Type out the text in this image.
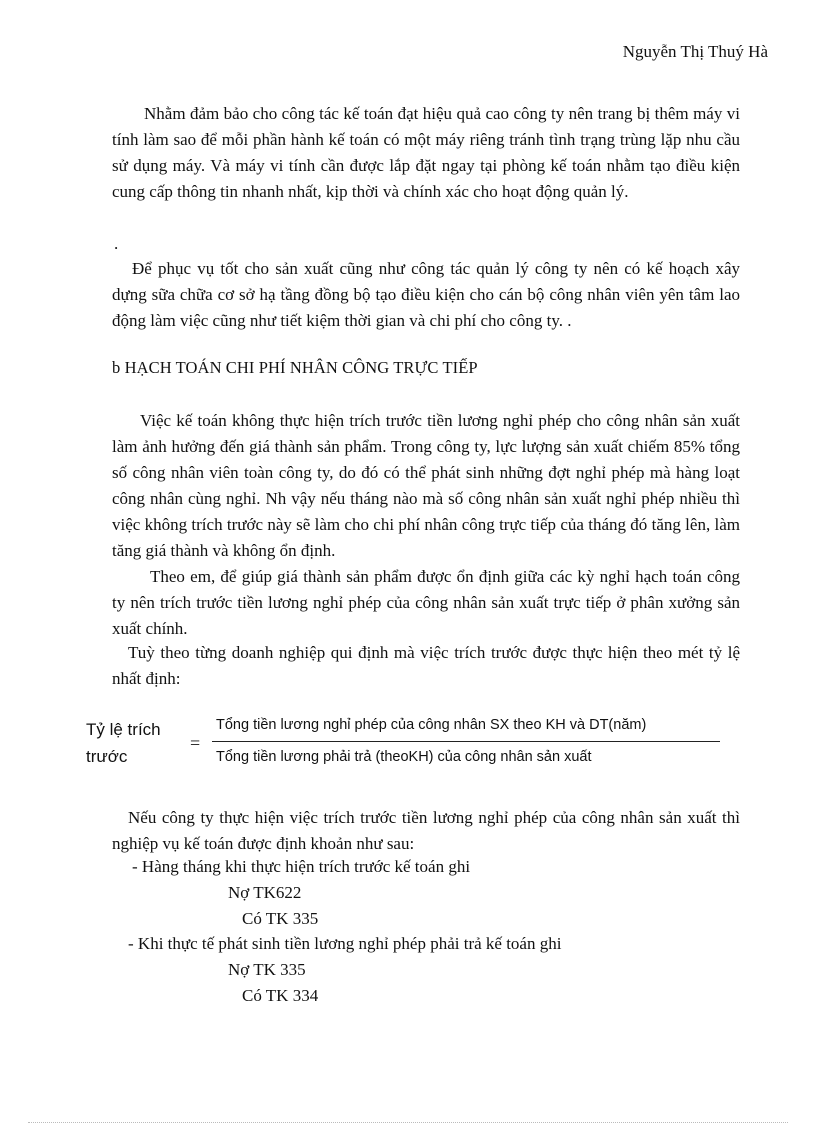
Nguyễn Thị Thuý Hà
Nhằm đảm bảo cho công tác kế toán đạt hiệu quả cao công ty nên trang bị thêm máy vi tính làm sao để mỗi phần hành kế toán có một máy riêng tránh tình trạng trùng lặp nhu cầu sử dụng máy. Và máy vi tính cần được lắp đặt ngay tại phòng kế toán nhằm tạo điều kiện cung cấp thông tin nhanh nhất, kịp thời và chính xác cho hoạt động quản lý.
.
Để phục vụ tốt cho sản xuất cũng như công tác quản lý công ty nên có kế hoạch xây dựng sữa chữa cơ sở hạ tầng đồng bộ tạo điều kiện cho cán bộ công nhân viên yên tâm lao động làm việc cũng như tiết kiệm thời gian và chi phí cho công ty. .
b HẠCH TOÁN CHI PHÍ NHÂN CÔNG TRỰC TIẾP
Việc kế toán không thực hiện trích trước tiền lương nghỉ phép cho công nhân sản xuất làm ảnh hưởng đến giá thành sản phẩm. Trong công ty, lực lượng sản xuất chiếm 85% tổng số công nhân viên toàn công ty, do đó có thể phát sinh những đợt nghỉ phép mà hàng loạt công nhân cùng nghỉ. Nh vậy nếu tháng nào mà số công nhân sản xuất nghỉ phép nhiều thì việc không trích trước này sẽ làm cho chi phí nhân công trực tiếp của tháng đó tăng lên, làm tăng giá thành và không ổn định.
Theo em, để giúp giá thành sản phẩm được ổn định giữa các kỳ nghỉ hạch toán công ty nên trích trước tiền lương nghỉ phép của công nhân sản xuất trực tiếp ở phân xưởng sản xuất chính.
Tuỳ theo từng doanh nghiệp qui định mà việc trích trước được thực hiện theo mét tỷ lệ nhất định:
Tỷ lệ trích trước
=
Tổng tiền lương nghỉ phép của công nhân SX theo KH và DT(năm)
Tổng tiền lương phải trả (theoKH) của công nhân sản xuất
Nếu công ty thực hiện việc trích trước tiền lương nghỉ phép của công nhân sản xuất thì nghiệp vụ kế toán được định khoản như sau:
- Hàng tháng khi thực hiện trích trước kế toán ghi
Nợ TK622
Có TK 335
- Khi thực tế phát sinh tiền lương nghỉ phép phải trả kế toán ghi
Nợ TK 335
Có TK 334
